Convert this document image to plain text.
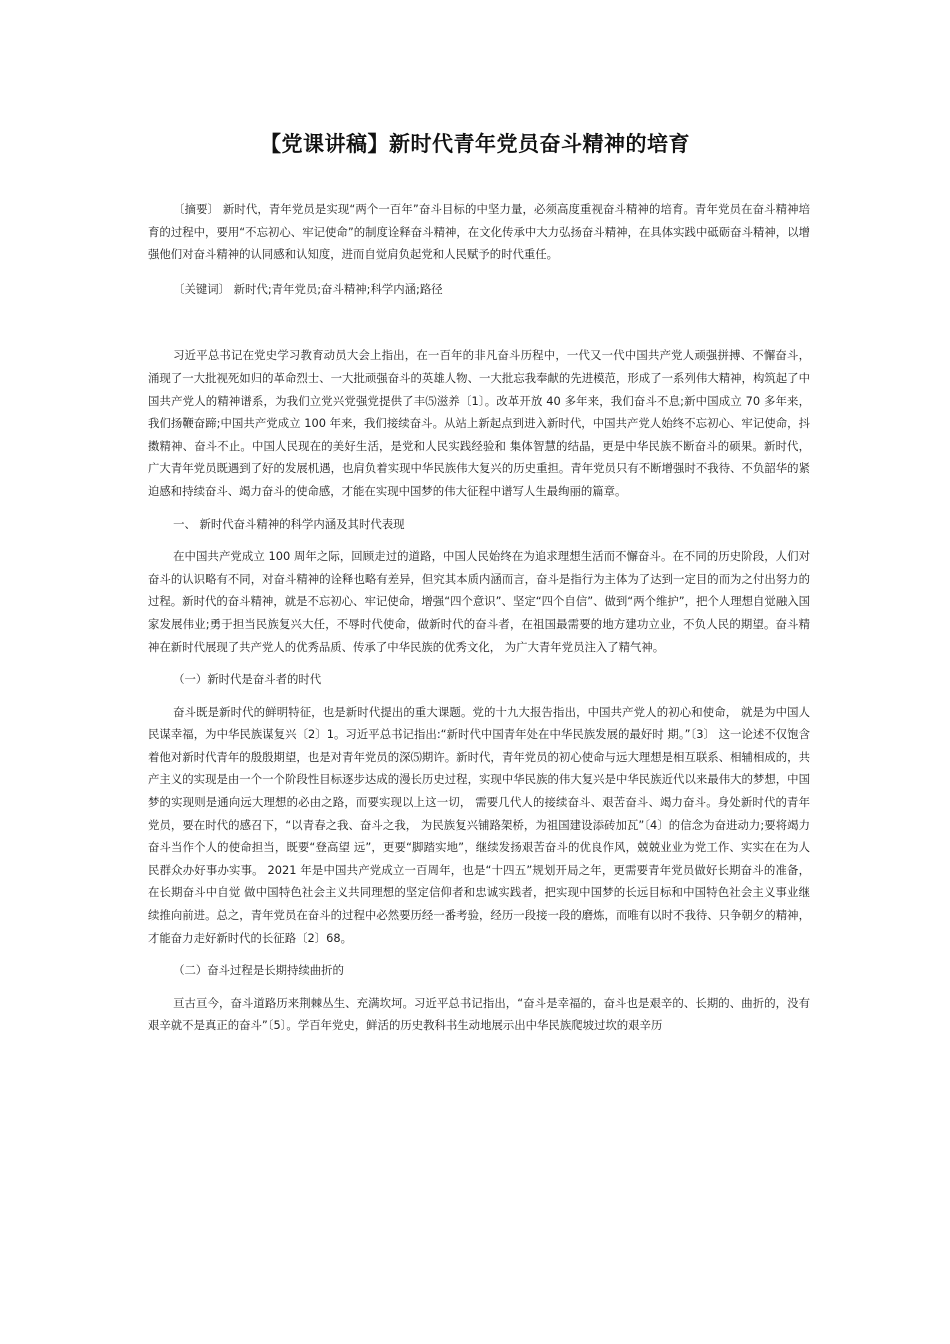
【党课讲稿】新时代青年党员奋斗精神的培育

〔摘要〕 新时代，青年党员是实现“两个一百年”奋斗目标的中坚力量，必须高度重视奋斗精神的培育。青年党员在奋斗精神培育的过程中，要用“不忘初心、牢记使命”的制度诠释奋斗精神，在文化传承中大力弘扬奋斗精神，在具体实践中砥砺奋斗精神，以增强他们对奋斗精神的认同感和认知度，进而自觉肩负起党和人民赋予的时代重任。

〔关键词〕 新时代;青年党员;奋斗精神;科学内涵;路径

习近平总书记在党史学习教育动员大会上指出，在一百年的非凡奋斗历程中，一代又一代中国共产党人顽强拼搏、不懈奋斗，涌现了一大批视死如归的革命烈士、一大批顽强奋斗的英雄人物、一大批忘我奉献的先进模范，形成了一系列伟大精神，构筑起了中国共产党人的精神谱系，为我们立党兴党强党提供了丰⑸滋养〔1〕。改革开放 40 多年来，我们奋斗不息;新中国成立 70 多年来，我们扬鞭奋蹄;中国共产党成立 100 年来，我们接续奋斗。从站上新起点到进入新时代，中国共产党人始终不忘初心、牢记使命，抖擞精神、奋斗不止。中国人民现在的美好生活，是党和人民实践经验和 集体智慧的结晶，更是中华民族不断奋斗的硕果。新时代，广大青年党员既遇到了好的发展机遇，也肩负着实现中华民族伟大复兴的历史重担。青年党员只有不断增强时不我待、不负韶华的紧迫感和持续奋斗、竭力奋斗的使命感，才能在实现中国梦的伟大征程中谱写人生最绚丽的篇章。

一、 新时代奋斗精神的科学内涵及其时代表现

在中国共产党成立 100 周年之际，回顾走过的道路，中国人民始终在为追求理想生活而不懈奋斗。在不同的历史阶段，人们对奋斗的认识略有不同，对奋斗精神的诠释也略有差异，但究其本质内涵而言，奋斗是指行为主体为了达到一定目的而为之付出努力的过程。新时代的奋斗精神，就是不忘初心、牢记使命，增强“四个意识”、坚定“四个自信”、做到“两个维护”，把个人理想自觉融入国家发展伟业;勇于担当民族复兴大任，不辱时代使命，做新时代的奋斗者，在祖国最需要的地方建功立业，不负人民的期望。奋斗精神在新时代展现了共产党人的优秀品质、传承了中华民族的优秀文化， 为广大青年党员注入了精气神。

（一）新时代是奋斗者的时代

奋斗既是新时代的鲜明特征，也是新时代提出的重大课题。党的十九大报告指出，中国共产党人的初心和使命， 就是为中国人民谋幸福，为中华民族谋复兴〔2〕1。习近平总书记指出:“新时代中国青年处在中华民族发展的最好时 期。”〔3〕 这一论述不仅饱含着他对新时代青年的殷殷期望，也是对青年党员的深⑸期许。新时代，青年党员的初心使命与远大理想是相互联系、相辅相成的，共产主义的实现是由一个一个阶段性目标逐步达成的漫长历史过程，实现中华民族的伟大复兴是中华民族近代以来最伟大的梦想，中国梦的实现则是通向远大理想的必由之路，而要实现以上这一切， 需要几代人的接续奋斗、艰苦奋斗、竭力奋斗。身处新时代的青年党员，要在时代的感召下，“以青春之我、奋斗之我， 为民族复兴铺路架桥，为祖国建设添砖加瓦”〔4〕的信念为奋进动力;要将竭力奋斗当作个人的使命担当，既要“登高望 远”，更要“脚踏实地”，继续发扬艰苦奋斗的优良作风，兢兢业业为党工作、实实在在为人民群众办好事办实事。 2021 年是中国共产党成立一百周年，也是“十四五”规划开局之年，更需要青年党员做好长期奋斗的准备，在长期奋斗中自觉 做中国特色社会主义共同理想的坚定信仰者和忠诚实践者，把实现中国梦的长远目标和中国特色社会主义事业继续推向前进。总之，青年党员在奋斗的过程中必然要历经一番考验，经历一段接一段的磨炼，而唯有以时不我待、只争朝夕的精神，才能奋力走好新时代的长征路〔2〕68。

（二）奋斗过程是长期持续曲折的

亘古亘今，奋斗道路历来荆棘丛生、充满坎坷。习近平总书记指出，“奋斗是幸福的，奋斗也是艰辛的、长期的、曲折的，没有艰辛就不是真正的奋斗”〔5〕。学百年党史，鲜活的历史教科书生动地展示出中华民族爬坡过坎的艰辛历
